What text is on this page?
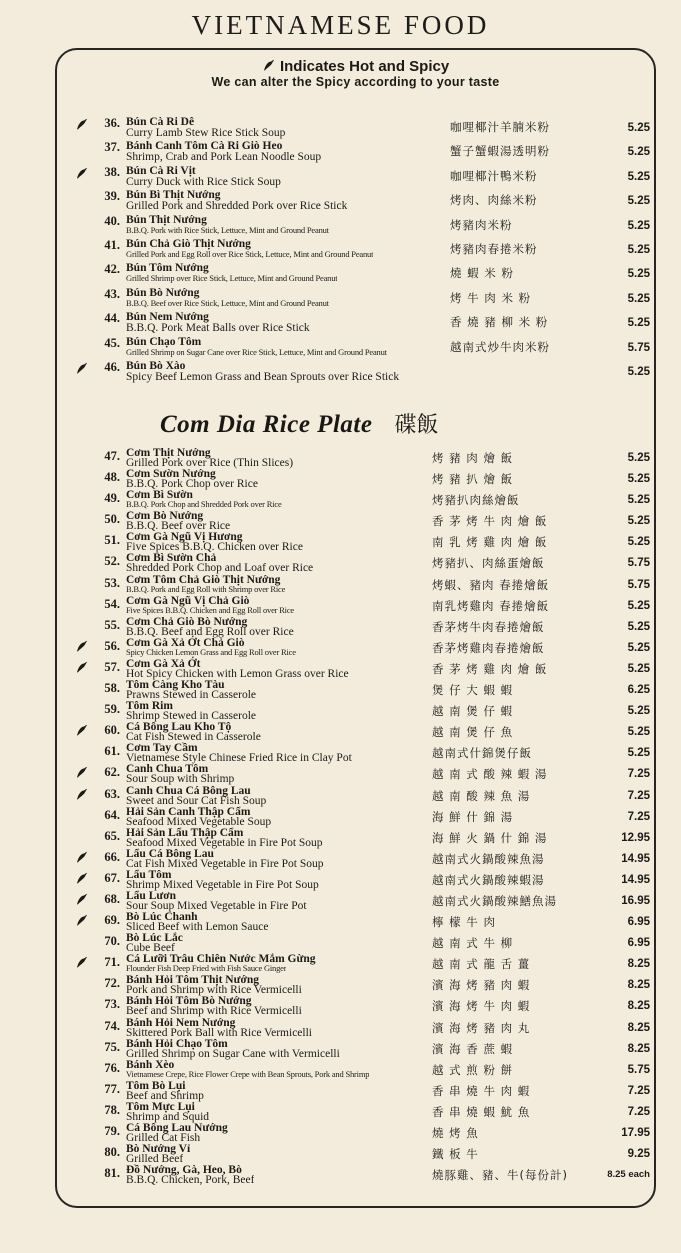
VIETNAMESE FOOD
Indicates Hot and Spicy
We can alter the Spicy according to your taste
36. Bún Cà Ri Dê
Curry Lamb Stew Rice Stick Soup	咖哩椰汁羊腩米粉	5.25
37. Bánh Canh Tôm Cà Ri Giò Heo
Shrimp, Crab and Pork Lean Noodle Soup	蟹子蟹蝦湯透明粉	5.25
38. Bún Cà Ri Vịt
Curry Duck with Rice Stick Soup	咖哩椰汁鴨米粉	5.25
39. Bún Bì Thịt Nướng
Grilled Pork and Shredded Pork over Rice Stick	烤肉、肉絲米粉	5.25
40. Bún Thịt Nướng
B.B.Q. Pork with Rice Stick, Lettuce, Mint and Ground Peanut	烤豬肉米粉	5.25
41. Bún Chả Giò Thịt Nướng
Grilled Pork and Egg Roll over Rice Stick, Lettuce, Mint and Ground Peanut	烤豬肉春捲米粉	5.25
42. Bún Tôm Nướng
Grilled Shrimp over Rice Stick, Lettuce, Mint and Ground Peanut	燒 蝦 米 粉	5.25
43. Bún Bò Nướng
B.B.Q. Beef over Rice Stick, Lettuce, Mint and Ground Peanut	烤 牛 肉 米 粉	5.25
44. Bún Nem Nướng
B.B.Q. Pork Meat Balls over Rice Stick	香 燒 豬 柳 米 粉	5.25
45. Bún Chạo Tôm
Grilled Shrimp on Sugar Cane over Rice Stick, Lettuce, Mint and Ground Peanut	越南式炒牛肉米粉	5.75
46. Bún Bò Xào
Spicy Beef Lemon Grass and Bean Sprouts over Rice Stick	5.25
Com Dia Rice Plate 碟飯
47. Cơm Thịt Nướng
Grilled Pork over Rice (Thin Slices)	烤 豬 肉 燴 飯	5.25
48. Cơm Sườn Nướng
B.B.Q. Pork Chop over Rice	烤 豬 扒 燴 飯	5.25
49. Cơm Bì Sườn
B.B.Q. Pork Chop and Shredded Pork over Rice	烤豬扒肉絲燴飯	5.25
50. Cơm Bò Nướng
B.B.Q. Beef over Rice	香 茅 烤 牛 肉 燴 飯	5.25
51. Cơm Gà Ngũ Vị Hương
Five Spices B.B.Q. Chicken over Rice	南 乳 烤 雞 肉 燴 飯	5.25
52. Cơm Bì Sườn Chả
Shredded Pork Chop and Loaf over Rice	烤豬扒、肉絲蛋燴飯	5.75
53. Cơm Tôm Chả Giò Thịt Nướng
B.B.Q. Pork and Egg Roll with Shrimp over Rice	烤蝦、豬肉 春捲燴飯	5.75
54. Cơm Gà Ngũ Vị Chả Giò
Five Spices B.B.Q. Chicken and Egg Roll over Rice	南乳烤雞肉 春捲燴飯	5.25
55. Cơm Chả Giò Bò Nướng
B.B.Q. Beef and Egg Roll over Rice	香茅烤牛肉春捲燴飯	5.25
56. Cơm Gà Xả Ớt Chả Giò
Spicy Chicken Lemon Grass and Egg Roll over Rice	香茅烤雞肉春捲燴飯	5.25
57. Cơm Gà Xả Ớt
Hot Spicy Chicken with Lemon Grass over Rice	香 茅 烤 雞 肉 燴 飯	5.25
58. Tôm Càng Kho Tàu
Prawns Stewed in Casserole	煲 仔 大 蝦 蝦	6.25
59. Tôm Rim
Shrimp Stewed in Casserole	越 南 煲 仔 蝦	5.25
60. Cá Bông Lau Kho Tộ
Cat Fish Stewed in Casserole	越 南 煲 仔 魚	5.25
61. Cơm Tay Cầm
Vietnamese Style Chinese Fried Rice in Clay Pot	越南式什錦煲仔飯	5.25
62. Canh Chua Tôm
Sour Soup with Shrimp	越 南 式 酸 辣 蝦 湯	7.25
63. Canh Chua Cá Bông Lau
Sweet and Sour Cat Fish Soup	越 南 酸 辣 魚 湯	7.25
64. Hải Sản Canh Thập Cẩm
Seafood Mixed Vegetable Soup	海 鮮 什 錦 湯	7.25
65. Hải Sản Lẩu Thập Cẩm
Seafood Mixed Vegetable in Fire Pot Soup	海 鮮 火 鍋 什 錦 湯	12.95
66. Lẩu Cá Bông Lau
Cat Fish Mixed Vegetable in Fire Pot Soup	越南式火鍋酸辣魚湯	14.95
67. Lẩu Tôm
Shrimp Mixed Vegetable in Fire Pot Soup	越南式火鍋酸辣蝦湯	14.95
68. Lẩu Lươn
Sour Soup Mixed Vegetable in Fire Pot	越南式火鍋酸辣鱔魚湯	16.95
69. Bò Lúc Chanh
Sliced Beef with Lemon Sauce	檸 檬 牛 肉	6.95
70. Bò Lúc Lắc
Cube Beef	越 南 式 牛 柳	6.95
71. Cá Lưỡi Trâu Chiên Nước Mắm Gừng
Flounder Fish Deep Fried with Fish Sauce Ginger	越 南 式 龍 舌 薑	8.25
72. Bánh Hỏi Tôm Thịt Nướng
Pork and Shrimp with Rice Vermicelli	濱 海 烤 豬 肉 蝦	8.25
73. Bánh Hỏi Tôm Bò Nướng
Beef and Shrimp with Rice Vermicelli	濱 海 烤 牛 肉 蝦	8.25
74. Bánh Hỏi Nem Nướng
Skittered Pork Ball with Rice Vermicelli	濱 海 烤 豬 肉 丸	8.25
75. Bánh Hỏi Chạo Tôm
Grilled Shrimp on Sugar Cane with Vermicelli	濱 海 香 蔗 蝦	8.25
76. Bánh Xèo
Vietnamese Crepe, Rice Flower Crepe with Bean Sprouts, Pork and Shrimp	越 式 煎 粉 餅	5.75
77. Tôm Bò Lụi
Beef and Shrimp	香 串 燒 牛 肉 蝦	7.25
78. Tôm Mực Lụi
Shrimp and Squid	香 串 燒 蝦 魷 魚	7.25
79. Cá Bông Lau Nướng
Grilled Cat Fish	燒 烤 魚	17.95
80. Bò Nướng Vỉ
Grilled Beef	鐵 板 牛	9.25
81. Đồ Nướng, Gà, Heo, Bò
B.B.Q. Chicken, Pork, Beef	燒豚雞、豬、牛(每份計)	8.25 each
